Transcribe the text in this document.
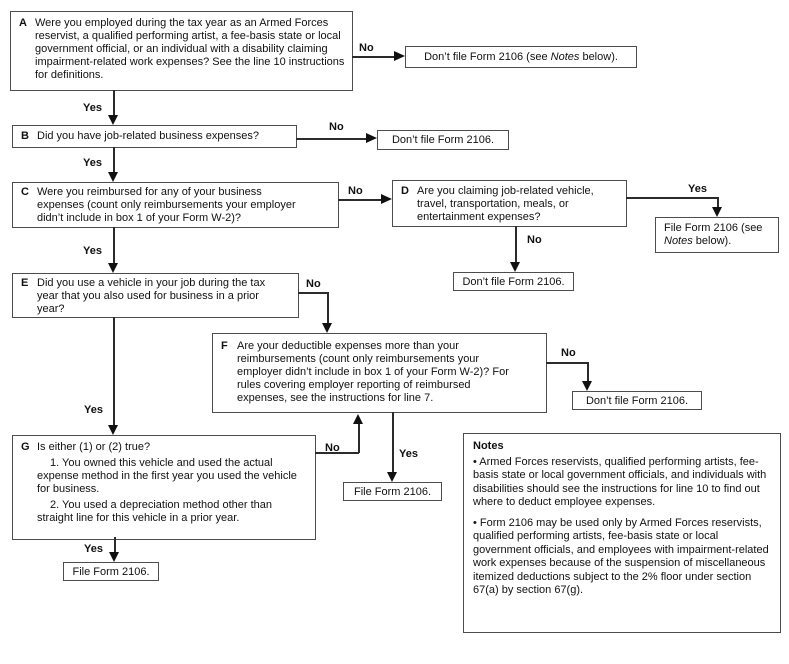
A Were you employed during the tax year as an Armed Forces reservist, a qualified performing artist, a fee-basis state or local government official, or an individual with a disability claiming impairment-related work expenses? See the line 10 instructions for definitions.
B Did you have job-related business expenses?
C Were you reimbursed for any of your business expenses (count only reimbursements your employer didn’t include in box 1 of your Form W-2)?
D Are you claiming job-related vehicle, travel, transportation, meals, or entertainment expenses?
E Did you use a vehicle in your job during the tax year that you also used for business in a prior year?
F Are your deductible expenses more than your reimbursements (count only reimbursements your employer didn’t include in box 1 of your Form W-2)? For rules covering employer reporting of reimbursed expenses, see the instructions for line 7.
G Is either (1) or (2) true?
1. You owned this vehicle and used the actual expense method in the first year you used the vehicle for business.
2. You used a depreciation method other than straight line for this vehicle in a prior year.
Don’t file Form 2106 (see Notes below).
Don’t file Form 2106.
Don’t file Form 2106.
File Form 2106 (see Notes below).
Don’t file Form 2106.
File Form 2106.
File Form 2106.
Notes

• Armed Forces reservists, qualified performing artists, fee-basis state or local government officials, and individuals with disabilities should see the instructions for line 10 to find out where to deduct employee expenses.

• Form 2106 may be used only by Armed Forces reservists, qualified performing artists, fee-basis state or local government officials, and employees with impairment-related work expenses because of the suspension of miscellaneous itemized deductions subject to the 2% floor under section 67(a) by section 67(g).

No
Yes
No
Yes
No
Yes
No
Yes
No
Yes
No
Yes
No
Yes
